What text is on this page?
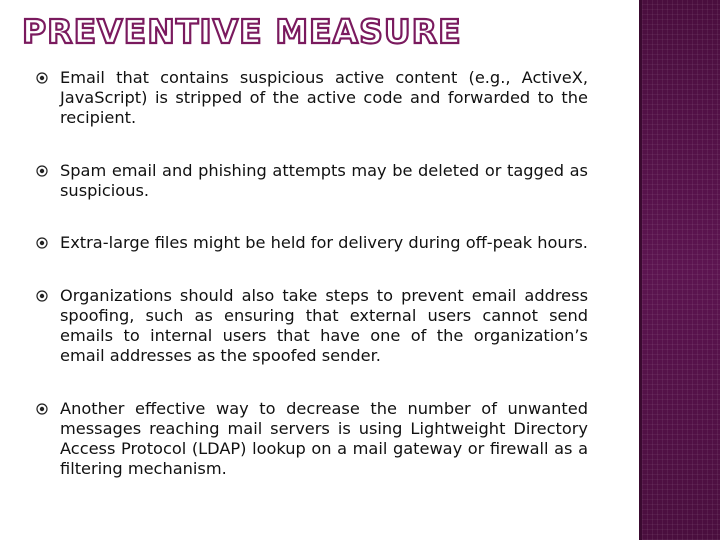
PREVENTIVE MEASURE
Email that contains suspicious active content (e.g., ActiveX, JavaScript) is stripped of the active code and forwarded to the recipient.
Spam email and phishing attempts may be deleted or tagged as suspicious.
Extra-large files might be held for delivery during off-peak hours.
Organizations should also take steps to prevent email address spoofing, such as ensuring that external users cannot send emails to internal users that have one of the organization’s email addresses as the spoofed sender.
Another effective way to decrease the number of unwanted messages reaching mail servers is using Lightweight Directory Access Protocol (LDAP) lookup on a mail gateway or firewall as a filtering mechanism.
